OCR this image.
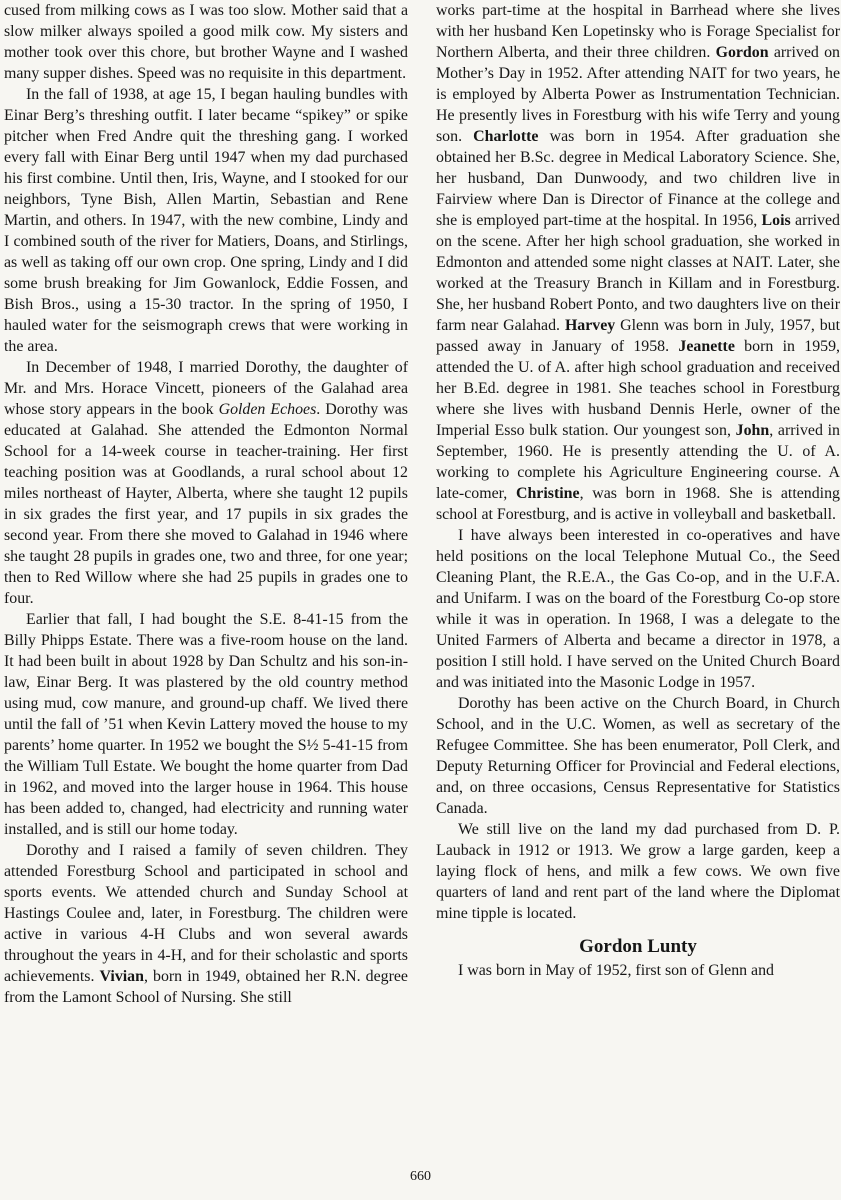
cused from milking cows as I was too slow. Mother said that a slow milker always spoiled a good milk cow. My sisters and mother took over this chore, but brother Wayne and I washed many supper dishes. Speed was no requisite in this department.

In the fall of 1938, at age 15, I began hauling bundles with Einar Berg’s threshing outfit. I later became “spikey” or spike pitcher when Fred Andre quit the threshing gang. I worked every fall with Einar Berg until 1947 when my dad purchased his first combine. Until then, Iris, Wayne, and I stooked for our neighbors, Tyne Bish, Allen Martin, Sebastian and Rene Martin, and others. In 1947, with the new combine, Lindy and I combined south of the river for Matiers, Doans, and Stirlings, as well as taking off our own crop. One spring, Lindy and I did some brush breaking for Jim Gowanlock, Eddie Fossen, and Bish Bros., using a 15-30 tractor. In the spring of 1950, I hauled water for the seismograph crews that were working in the area.

In December of 1948, I married Dorothy, the daughter of Mr. and Mrs. Horace Vincett, pioneers of the Galahad area whose story appears in the book Golden Echoes. Dorothy was educated at Galahad. She attended the Edmonton Normal School for a 14-week course in teacher-training. Her first teaching position was at Goodlands, a rural school about 12 miles northeast of Hayter, Alberta, where she taught 12 pupils in six grades the first year, and 17 pupils in six grades the second year. From there she moved to Galahad in 1946 where she taught 28 pupils in grades one, two and three, for one year; then to Red Willow where she had 25 pupils in grades one to four.

Earlier that fall, I had bought the S.E. 8-41-15 from the Billy Phipps Estate. There was a five-room house on the land. It had been built in about 1928 by Dan Schultz and his son-in-law, Einar Berg. It was plastered by the old country method using mud, cow manure, and ground-up chaff. We lived there until the fall of ’51 when Kevin Lattery moved the house to my parents’ home quarter. In 1952 we bought the S½ 5-41-15 from the William Tull Estate. We bought the home quarter from Dad in 1962, and moved into the larger house in 1964. This house has been added to, changed, had electricity and running water installed, and is still our home today.

Dorothy and I raised a family of seven children. They attended Forestburg School and participated in school and sports events. We attended church and Sunday School at Hastings Coulee and, later, in Forestburg. The children were active in various 4-H Clubs and won several awards throughout the years in 4-H, and for their scholastic and sports achievements. Vivian, born in 1949, obtained her R.N. degree from the Lamont School of Nursing. She still

works part-time at the hospital in Barrhead where she lives with her husband Ken Lopetinsky who is Forage Specialist for Northern Alberta, and their three children. Gordon arrived on Mother’s Day in 1952. After attending NAIT for two years, he is employed by Alberta Power as Instrumentation Technician. He presently lives in Forestburg with his wife Terry and young son. Charlotte was born in 1954. After graduation she obtained her B.Sc. degree in Medical Laboratory Science. She, her husband, Dan Dunwoody, and two children live in Fairview where Dan is Director of Finance at the college and she is employed part-time at the hospital. In 1956, Lois arrived on the scene. After her high school graduation, she worked in Edmonton and attended some night classes at NAIT. Later, she worked at the Treasury Branch in Killam and in Forestburg. She, her husband Robert Ponto, and two daughters live on their farm near Galahad. Harvey Glenn was born in July, 1957, but passed away in January of 1958. Jeanette born in 1959, attended the U. of A. after high school graduation and received her B.Ed. degree in 1981. She teaches school in Forestburg where she lives with husband Dennis Herle, owner of the Imperial Esso bulk station. Our youngest son, John, arrived in September, 1960. He is presently attending the U. of A. working to complete his Agriculture Engineering course. A late-comer, Christine, was born in 1968. She is attending school at Forestburg, and is active in volleyball and basketball.

I have always been interested in co-operatives and have held positions on the local Telephone Mutual Co., the Seed Cleaning Plant, the R.E.A., the Gas Co-op, and in the U.F.A. and Unifarm. I was on the board of the Forestburg Co-op store while it was in operation. In 1968, I was a delegate to the United Farmers of Alberta and became a director in 1978, a position I still hold. I have served on the United Church Board and was initiated into the Masonic Lodge in 1957.

Dorothy has been active on the Church Board, in Church School, and in the U.C. Women, as well as secretary of the Refugee Committee. She has been enumerator, Poll Clerk, and Deputy Returning Officer for Provincial and Federal elections, and, on three occasions, Census Representative for Statistics Canada.

We still live on the land my dad purchased from D. P. Lauback in 1912 or 1913. We grow a large garden, keep a laying flock of hens, and milk a few cows. We own five quarters of land and rent part of the land where the Diplomat mine tipple is located.

Gordon Lunty

I was born in May of 1952, first son of Glenn and

660
